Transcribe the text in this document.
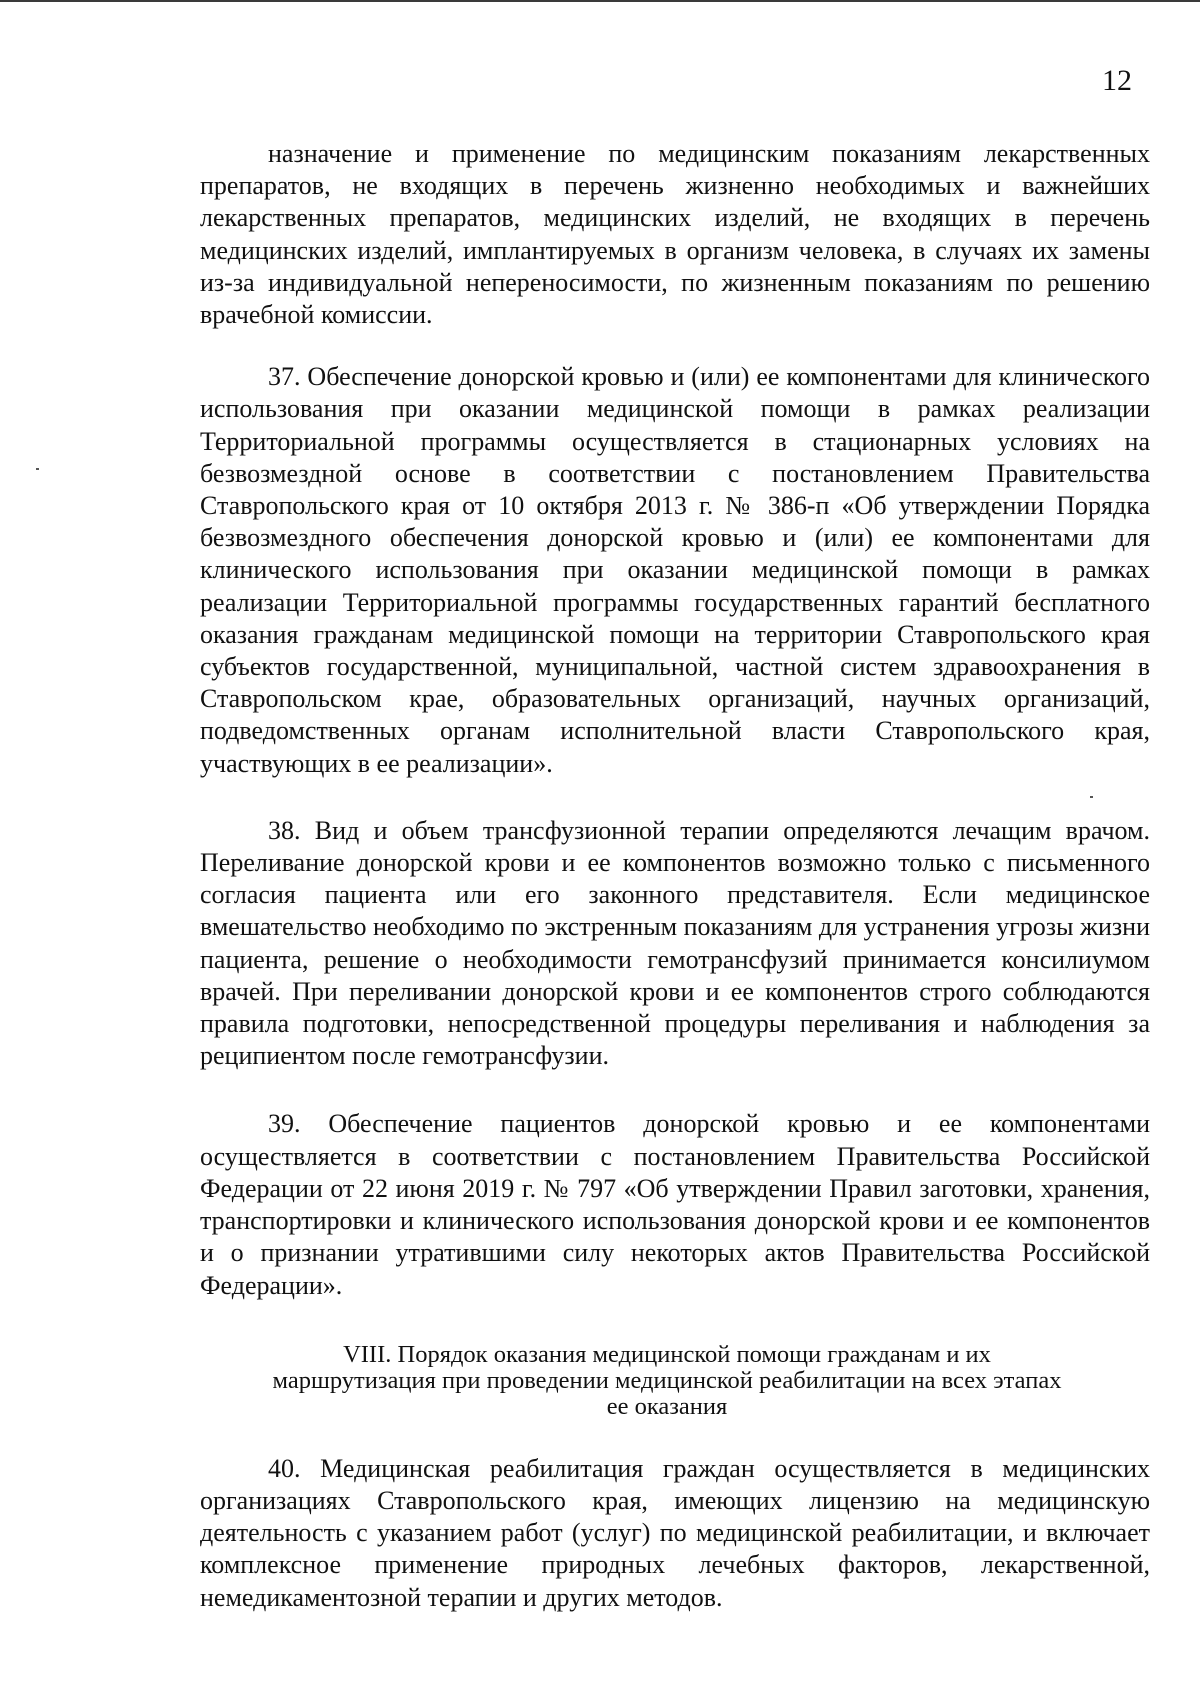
12

назначение и применение по медицинским показаниям лекарственных препаратов, не входящих в перечень жизненно необходимых и важнейших лекарственных препаратов, медицинских изделий, не входящих в перечень медицинских изделий, имплантируемых в организм человека, в случаях их замены из-за индивидуальной непереносимости, по жизненным показаниям по решению врачебной комиссии.

37. Обеспечение донорской кровью и (или) ее компонентами для клинического использования при оказании медицинской помощи в рамках реализации Территориальной программы осуществляется в стационарных условиях на безвозмездной основе в соответствии с постановлением Правительства Ставропольского края от 10 октября 2013 г. № 386-п «Об утверждении Порядка безвозмездного обеспечения донорской кровью и (или) ее компонентами для клинического использования при оказании медицинской помощи в рамках реализации Территориальной программы государственных гарантий бесплатного оказания гражданам медицинской помощи на территории Ставропольского края субъектов государственной, муниципальной, частной систем здравоохранения в Ставропольском крае, образовательных организаций, научных организаций, подведомственных органам исполнительной власти Ставропольского края, участвующих в ее реализации».

38. Вид и объем трансфузионной терапии определяются лечащим врачом. Переливание донорской крови и ее компонентов возможно только с письменного согласия пациента или его законного представителя. Если медицинское вмешательство необходимо по экстренным показаниям для устранения угрозы жизни пациента, решение о необходимости гемотрансфузий принимается консилиумом врачей. При переливании донорской крови и ее компонентов строго соблюдаются правила подготовки, непосредственной процедуры переливания и наблюдения за реципиентом после гемотрансфузии.

39. Обеспечение пациентов донорской кровью и ее компонентами осуществляется в соответствии с постановлением Правительства Российской Федерации от 22 июня 2019 г. № 797 «Об утверждении Правил заготовки, хранения, транспортировки и клинического использования донорской крови и ее компонентов и о признании утратившими силу некоторых актов Правительства Российской Федерации».

VIII. Порядок оказания медицинской помощи гражданам и их
маршрутизация при проведении медицинской реабилитации на всех этапах
ее оказания

40. Медицинская реабилитация граждан осуществляется в медицинских организациях Ставропольского края, имеющих лицензию на медицинскую деятельность с указанием работ (услуг) по медицинской реабилитации, и включает комплексное применение природных лечебных факторов, лекарственной, немедикаментозной терапии и других методов.
